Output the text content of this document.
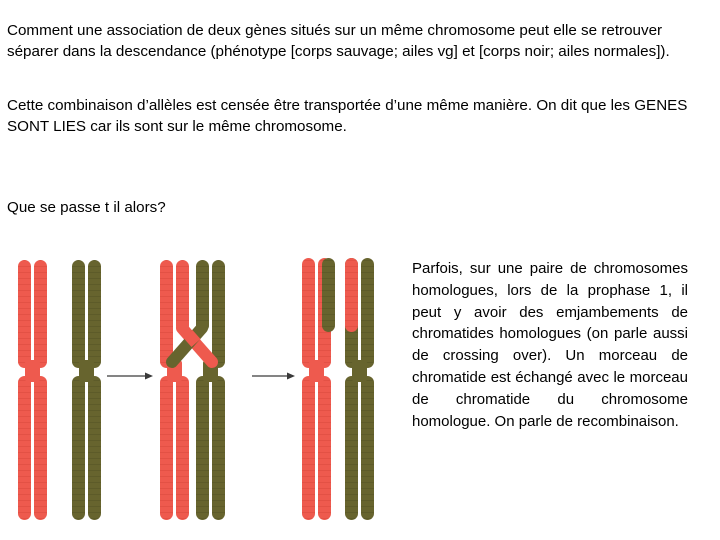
Comment une association de deux gènes situés sur un même chromosome peut elle se retrouver séparer dans la descendance (phénotype [corps sauvage; ailes vg] et [corps noir; ailes normales]).

Cette combinaison d’allèles est censée être transportée d’une même manière. On dit que les GENES SONT LIES car ils sont sur le même chromosome.

Que se passe t il alors?

Parfois, sur une paire de chromosomes homologues, lors de la prophase 1, il peut y avoir des emjambements de chromatides homologues (on parle aussi de crossing over). Un morceau de chromatide est échangé avec le morceau de chromatide du chromosome homologue. On parle de recombinaison.
